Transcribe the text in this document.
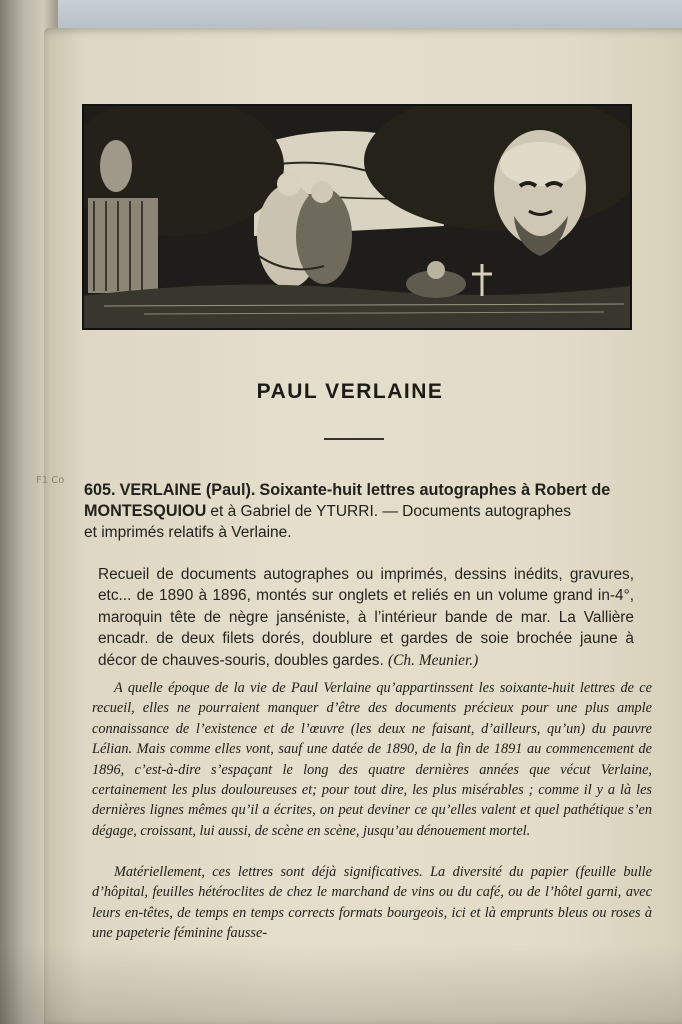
PAUL VERLAINE
F1 Co
605. VERLAINE (Paul). Soixante-huit lettres autographes à Robert de
MONTESQUIOU et à Gabriel de YTURRI. — Documents autographes
et imprimés relatifs à Verlaine.
Recueil de documents autographes ou imprimés, dessins inédits, gravures, etc... de 1890 à 1896, montés sur onglets et reliés en un volume grand in-4°, maroquin tête de nègre janséniste, à l’intérieur bande de mar. La Vallière encadr. de deux filets dorés, doublure et gardes de soie brochée jaune à décor de chauves-souris, doubles gardes. (Ch. Meunier.)

A quelle époque de la vie de Paul Verlaine qu’appartinssent les soixante-huit lettres de ce recueil, elles ne pourraient manquer d’être des documents précieux pour une plus ample connaissance de l’existence et de l’œuvre (les deux ne faisant, d’ailleurs, qu’un) du pauvre Lélian. Mais comme elles vont, sauf une datée de 1890, de la fin de 1891 au commencement de 1896, c’est-à-dire s’espaçant le long des quatre dernières années que vécut Verlaine, certainement les plus douloureuses et; pour tout dire, les plus misérables ; comme il y a là les dernières lignes mêmes qu’il a écrites, on peut deviner ce qu’elles valent et quel pathétique s’en dégage, croissant, lui aussi, de scène en scène, jusqu’au dénouement mortel.

Matériellement, ces lettres sont déjà significatives. La diversité du papier (feuille bulle d’hôpital, feuilles hétéroclites de chez le marchand de vins ou du café, ou de l’hôtel garni, avec leurs en-têtes, de temps en temps corrects formats bourgeois, ici et là emprunts bleus ou roses à une papeterie féminine fausse-
